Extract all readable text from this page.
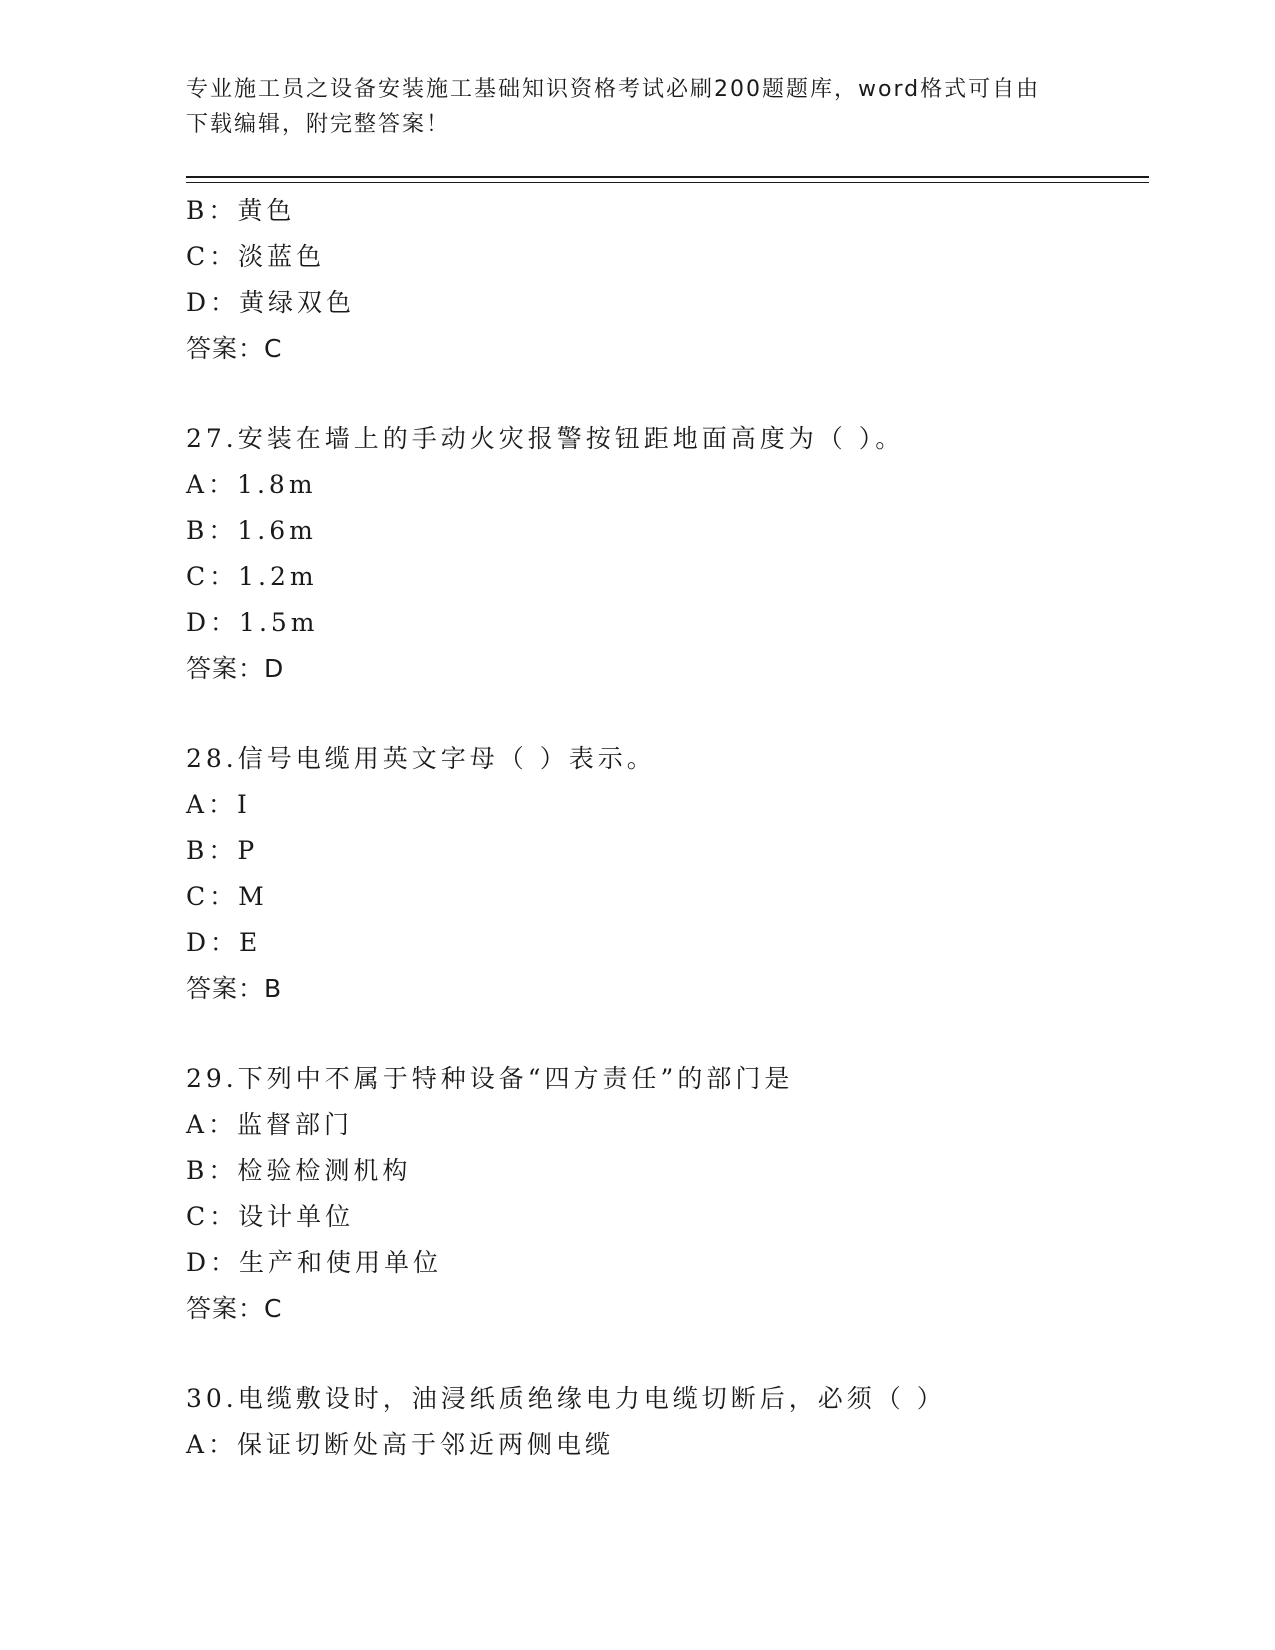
专业施工员之设备安装施工基础知识资格考试必刷200题题库，word格式可自由
下载编辑，附完整答案！
B：黄色
C：淡蓝色
D：黄绿双色
答案：C
27.安装在墙上的手动火灾报警按钮距地面高度为（ ）。
A：1.8m
B：1.6m
C：1.2m
D：1.5m
答案：D
28.信号电缆用英文字母（ ）表示。
A：I
B：P
C：M
D：E
答案：B
29.下列中不属于特种设备“四方责任”的部门是
A：监督部门
B：检验检测机构
C：设计单位
D：生产和使用单位
答案：C
30.电缆敷设时，油浸纸质绝缘电力电缆切断后，必须（ ）
A：保证切断处高于邻近两侧电缆
